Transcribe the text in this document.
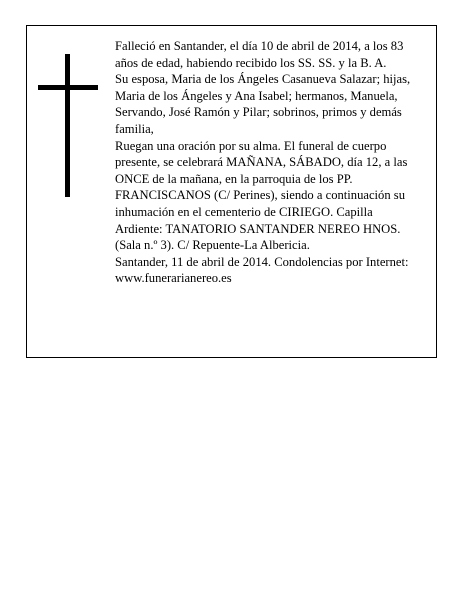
Falleció en Santander, el día 10 de abril de 2014, a los 83 años de edad, habiendo recibido los SS. SS. y la B. A.

Su esposa, Maria de los Ángeles Casanueva Salazar; hijas, Maria de los Ángeles y Ana Isabel; hermanos, Manuela, Servando, José Ramón y Pilar; sobrinos, primos y demás familia,

Ruegan una oración por su alma. El funeral de cuerpo presente, se celebrará MAÑANA, SÁBADO, día 12, a las ONCE de la mañana, en la parroquia de los PP. FRANCISCANOS (C/ Perines), siendo a continuación su inhumación en el cementerio de CIRIEGO. Capilla Ardiente: TANATORIO SANTANDER NEREO HNOS. (Sala n.º 3). C/ Repuente-La Albericia.

Santander, 11 de abril de 2014. Condolencias por Internet: www.funerarianereo.es
